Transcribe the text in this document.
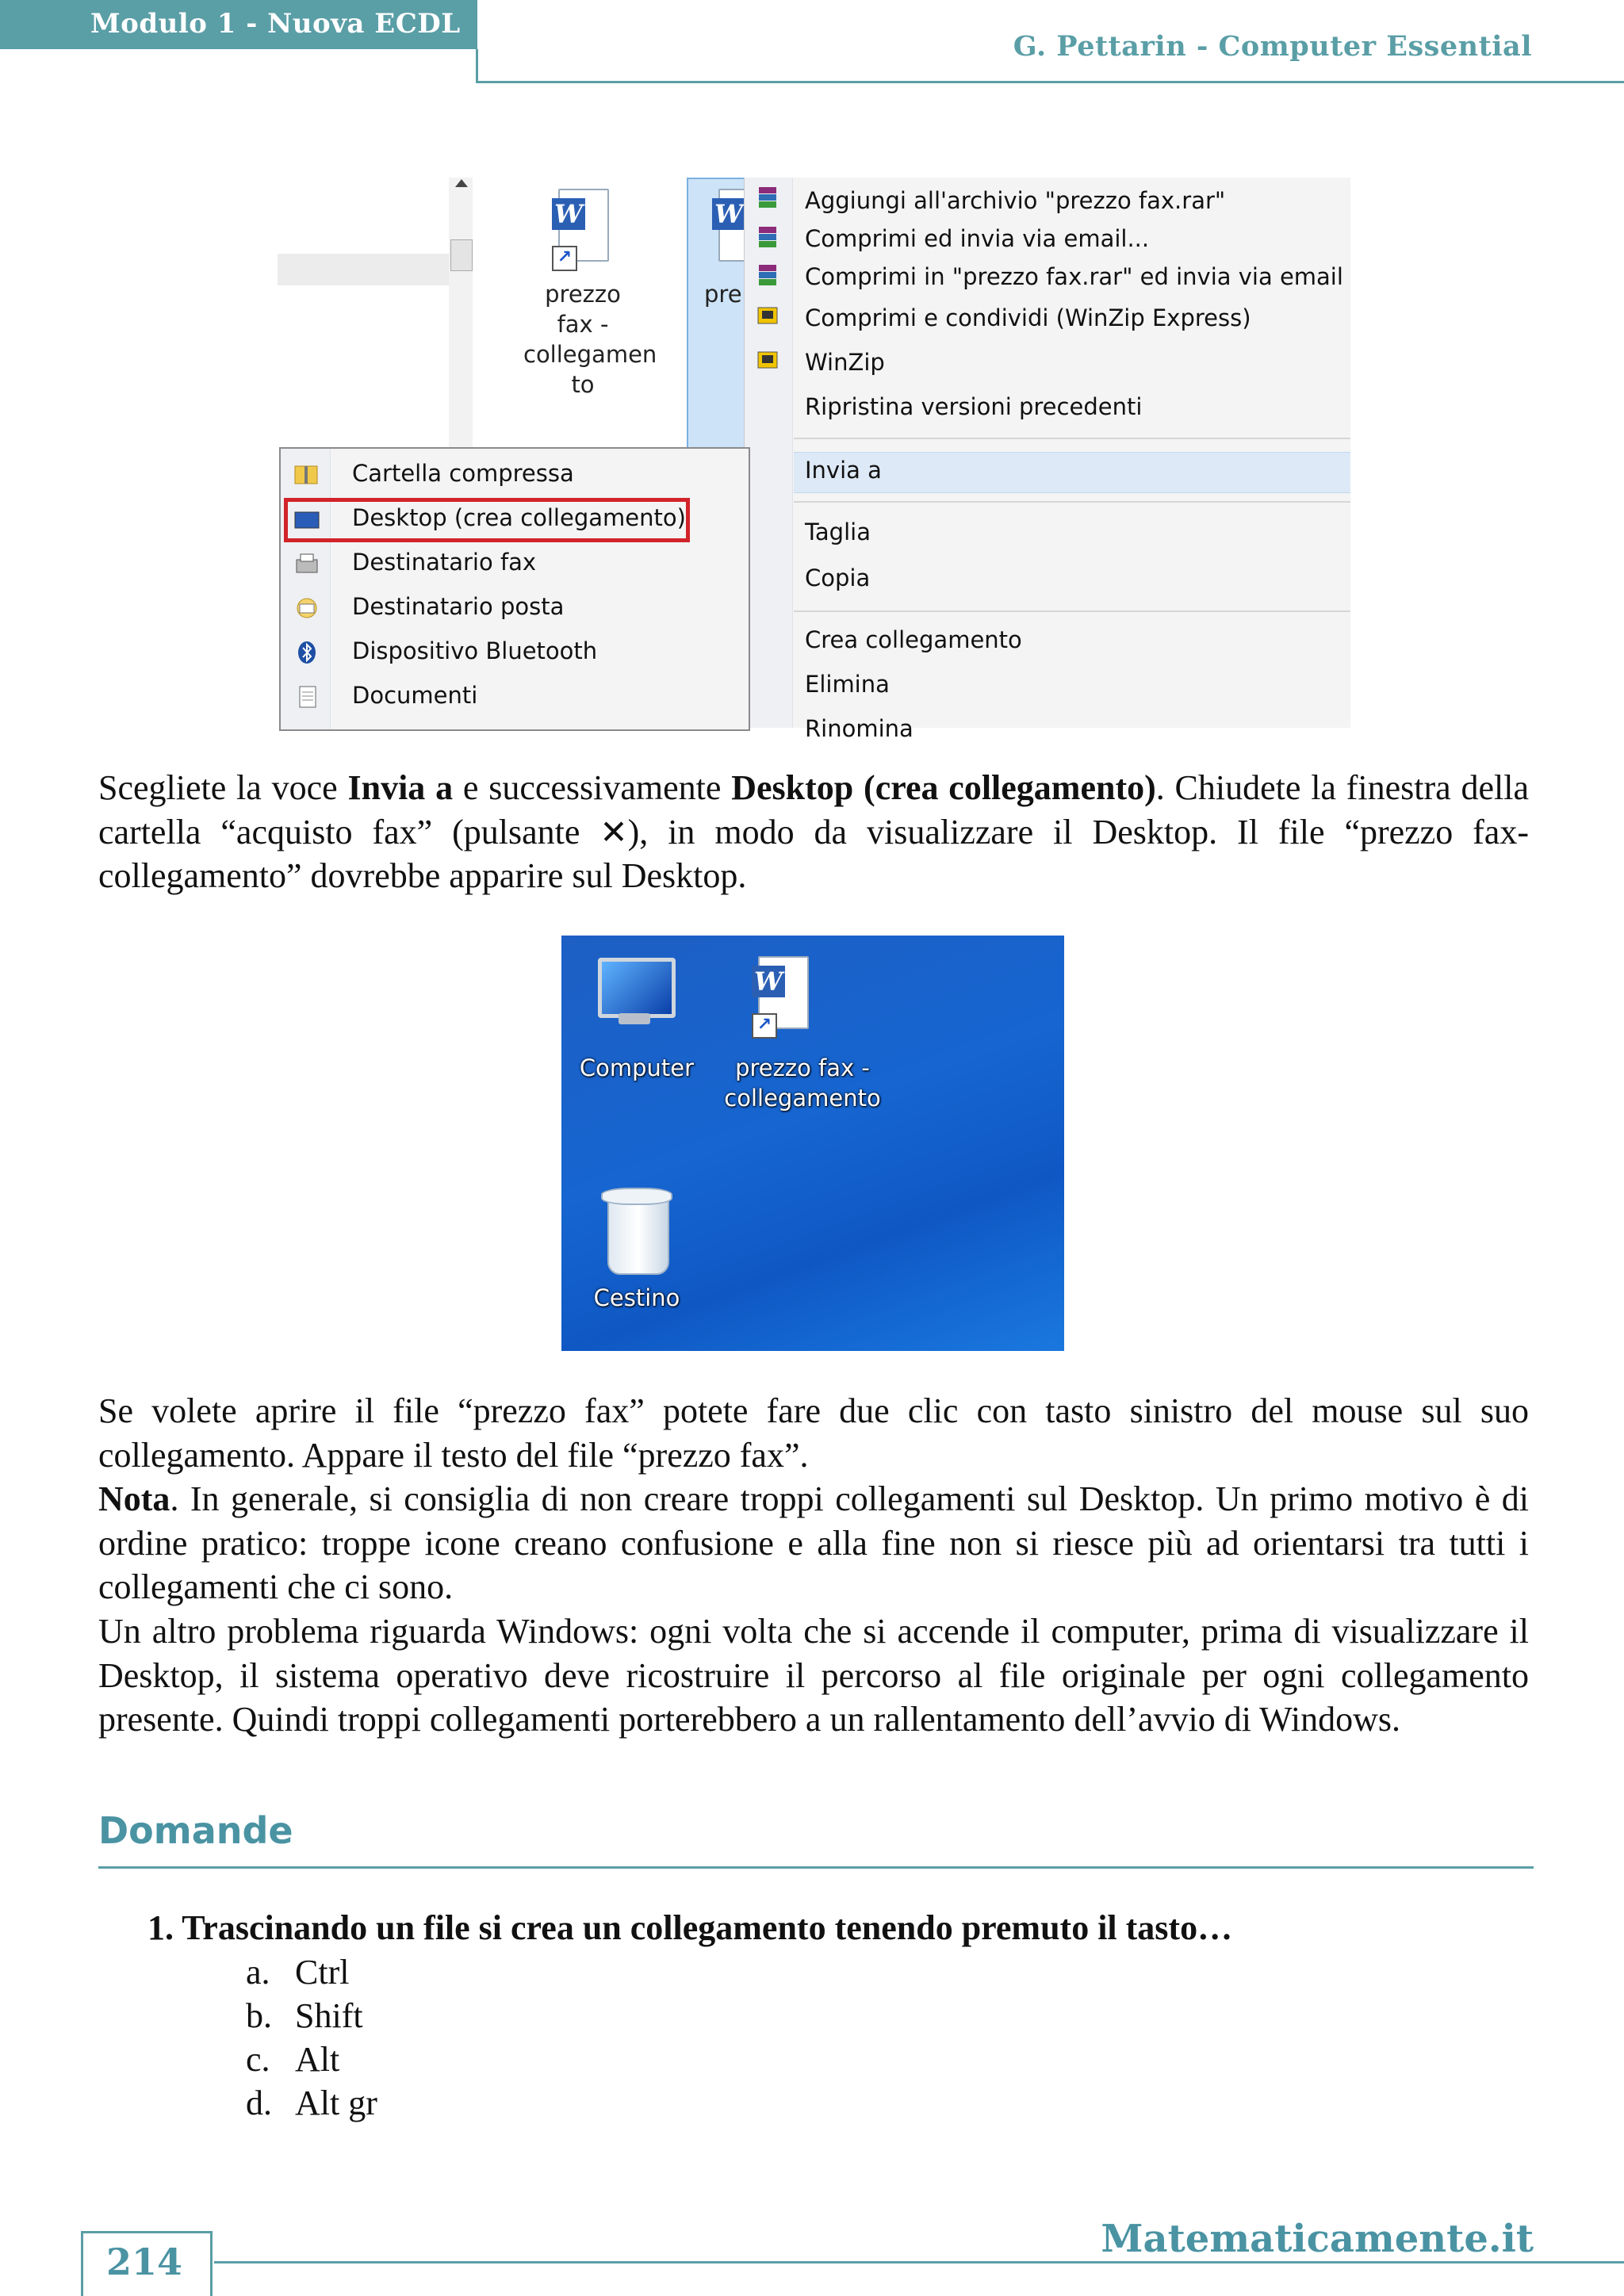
Modulo 1 - Nuova ECDL
G. Pettarin - Computer Essential
W
↗
prezzo fax -
collegamen
to
W
pre
Aggiungi all'archivio "prezzo fax.rar"
Comprimi ed invia via email...
Comprimi in "prezzo fax.rar" ed invia via email
Comprimi e condividi (WinZip Express)
WinZip
Ripristina versioni precedenti
Invia a
Taglia
Copia
Crea collegamento
Elimina
Rinomina
Cartella compressa
Desktop (crea collegamento)
Destinatario fax
Destinatario posta
Dispositivo Bluetooth
Documenti
Scegliete la voce Invia a e successivamente Desktop (crea collegamento). Chiudete la finestra della cartella “acquisto fax” (pulsante ✕), in modo da visualizzare il Desktop. Il file “prezzo fax-collegamento” dovrebbe apparire sul Desktop.
Computer
W
↗
prezzo fax -
collegamento
Cestino
Se volete aprire il file “prezzo fax” potete fare due clic con tasto sinistro del mouse sul suo collegamento. Appare il testo del file “prezzo fax”.
Nota. In generale, si consiglia di non creare troppi collegamenti sul Desktop. Un primo motivo è di ordine pratico: troppe icone creano confusione e alla fine non si riesce più ad orientarsi tra tutti i collegamenti che ci sono.
Un altro problema riguarda Windows: ogni volta che si accende il computer, prima di visualizzare il Desktop, il sistema operativo deve ricostruire il percorso al file originale per ogni collegamento presente. Quindi troppi collegamenti porterebbero a un rallentamento dell’avvio di Windows.
Domande
1. Trascinando un file si crea un collegamento tenendo premuto il tasto…
a. Ctrl
b. Shift
c. Alt
d. Alt gr
Matematicamente.it
214
